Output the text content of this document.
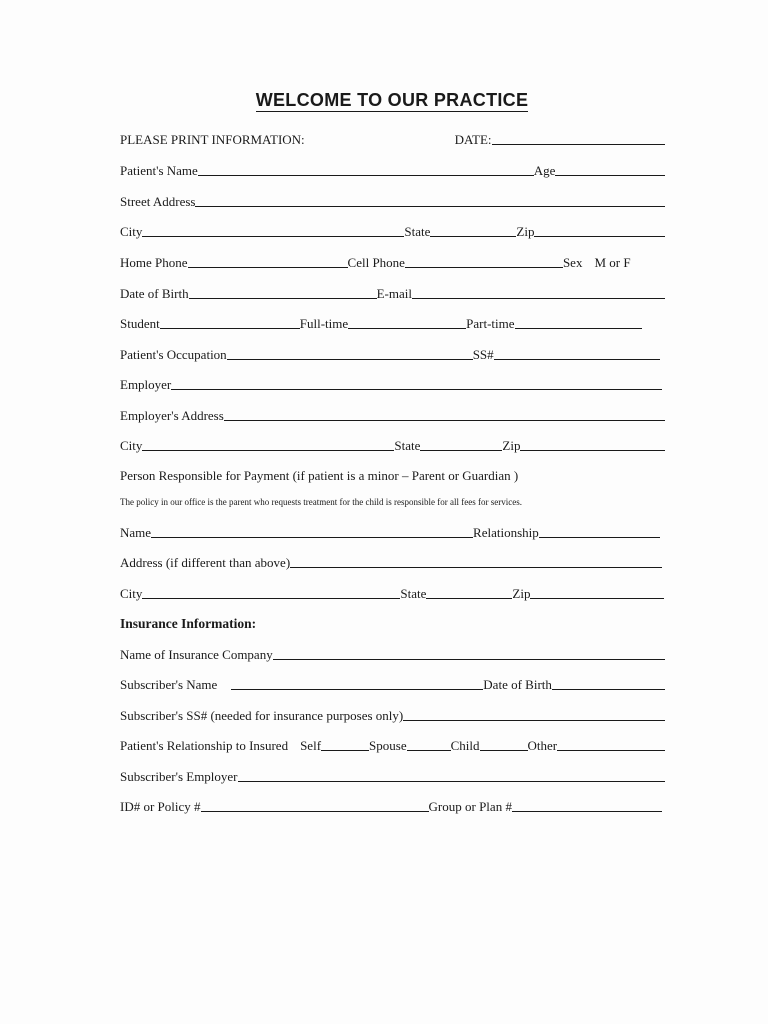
WELCOME TO OUR PRACTICE
PLEASE PRINT INFORMATION:	DATE:
Patient's Name	Age
Street Address
City	State	Zip
Home Phone	Cell Phone	Sex M or F
Date of Birth	E-mail
Student	Full-time	Part-time
Patient's Occupation	SS#
Employer
Employer's Address
City	State	Zip
Person Responsible for Payment (if patient is a minor – Parent or Guardian )
The policy in our office is the parent who requests treatment for the child is responsible for all fees for services.
Name	Relationship
Address (if different than above)
City	State	Zip
Insurance Information:
Name of Insurance Company
Subscriber's Name	Date of Birth
Subscriber's SS# (needed for insurance purposes only)
Patient's Relationship to Insured Self	Spouse	Child	Other
Subscriber's Employer
ID# or Policy #	Group or Plan #
